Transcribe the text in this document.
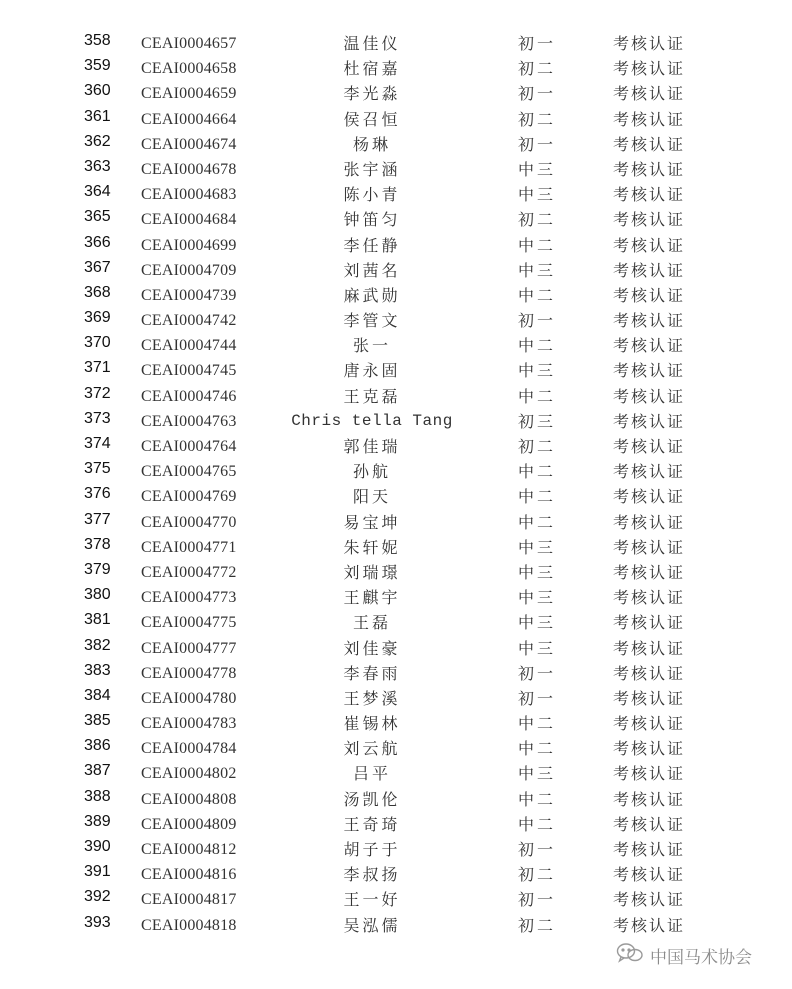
358 CEAI0004657	温佳仪	初一	考核认证
359 CEAI0004658	杜宿嘉	初二	考核认证
360 CEAI0004659	李光淼	初一	考核认证
361 CEAI0004664	侯召恒	初二	考核认证
362 CEAI0004674	杨琳	初一	考核认证
363 CEAI0004678	张宇涵	中三	考核认证
364 CEAI0004683	陈小青	中三	考核认证
365 CEAI0004684	钟笛匀	初二	考核认证
366 CEAI0004699	李任静	中二	考核认证
367 CEAI0004709	刘茜名	中三	考核认证
368 CEAI0004739	麻武勋	中二	考核认证
369 CEAI0004742	李管文	初一	考核认证
370 CEAI0004744	张一	中二	考核认证
371 CEAI0004745	唐永固	中三	考核认证
372 CEAI0004746	王克磊	中二	考核认证
373 CEAI0004763	Chris tella Tang	初三	考核认证
374 CEAI0004764	郭佳瑞	初二	考核认证
375 CEAI0004765	孙航	中二	考核认证
376 CEAI0004769	阳天	中二	考核认证
377 CEAI0004770	易宝坤	中二	考核认证
378 CEAI0004771	朱轩妮	中三	考核认证
379 CEAI0004772	刘瑞璟	中三	考核认证
380 CEAI0004773	王麒宇	中三	考核认证
381 CEAI0004775	王磊	中三	考核认证
382 CEAI0004777	刘佳豪	中三	考核认证
383 CEAI0004778	李春雨	初一	考核认证
384 CEAI0004780	王梦溪	初一	考核认证
385 CEAI0004783	崔锡林	中二	考核认证
386 CEAI0004784	刘云航	中二	考核认证
387 CEAI0004802	吕平	中三	考核认证
388 CEAI0004808	汤凯伦	中二	考核认证
389 CEAI0004809	王奇琦	中二	考核认证
390 CEAI0004812	胡子于	初一	考核认证
391 CEAI0004816	李叔扬	初二	考核认证
392 CEAI0004817	王一好	初一	考核认证
393 CEAI0004818	吴泓儒	初二	考核认证
中国马术协会
